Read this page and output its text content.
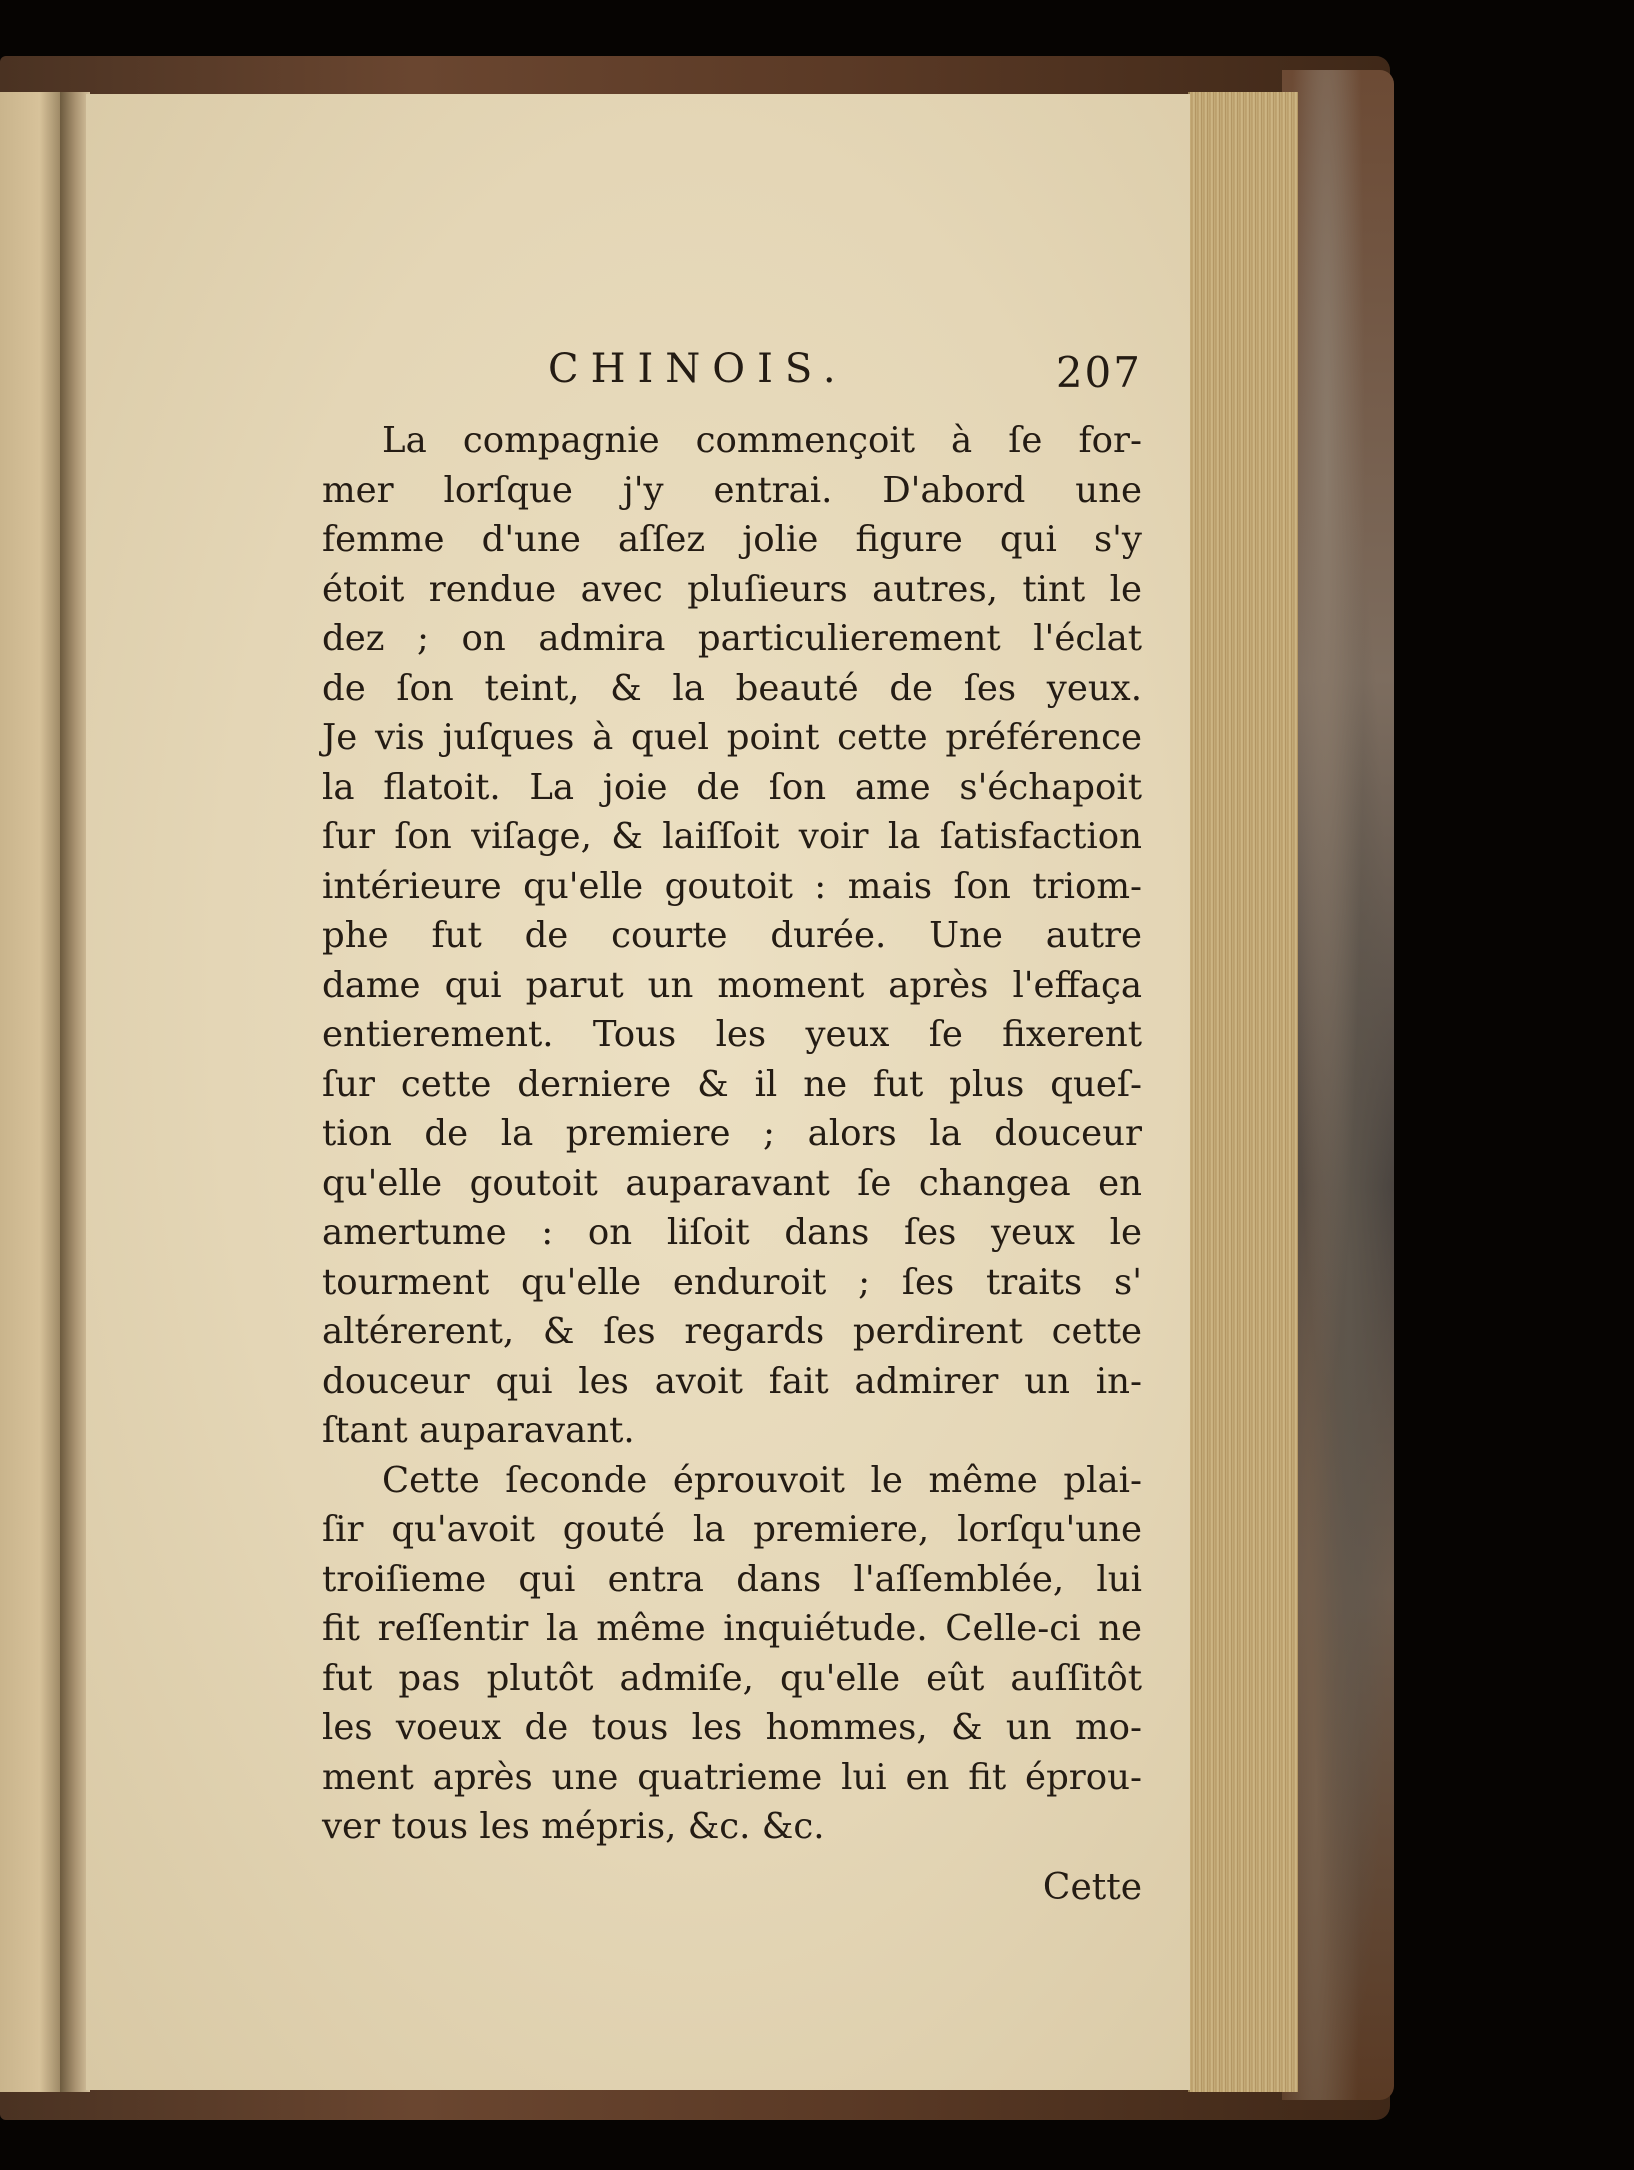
CHINOIS.	207
La compagnie commençoit à ſe for-
mer lorſque j'y entrai. D'abord une
femme d'une aſſez jolie figure qui s'y
étoit rendue avec pluſieurs autres, tint le
dez ; on admira particulierement l'éclat
de ſon teint, & la beauté de ſes yeux.
Je vis juſques à quel point cette préférence
la flatoit. La joie de ſon ame s'échapoit
ſur ſon viſage, & laiſſoit voir la ſatisfaction
intérieure qu'elle goutoit : mais ſon triom-
phe fut de courte durée. Une autre
dame qui parut un moment après l'effaça
entierement. Tous les yeux ſe fixerent
ſur cette derniere & il ne fut plus queſ-
tion de la premiere ; alors la douceur
qu'elle goutoit auparavant ſe changea en
amertume : on liſoit dans ſes yeux le
tourment qu'elle enduroit ; ſes traits s'
altérerent, & ſes regards perdirent cette
douceur qui les avoit fait admirer un in-
ſtant auparavant.
Cette ſeconde éprouvoit le même plai-
ſir qu'avoit gouté la premiere, lorſqu'une
troiſieme qui entra dans l'aſſemblée, lui
fit reſſentir la même inquiétude. Celle-ci ne
fut pas plutôt admiſe, qu'elle eût auſſitôt
les voeux de tous les hommes, & un mo-
ment après une quatrieme lui en fit éprou-
ver tous les mépris, &c. &c.
Cette
